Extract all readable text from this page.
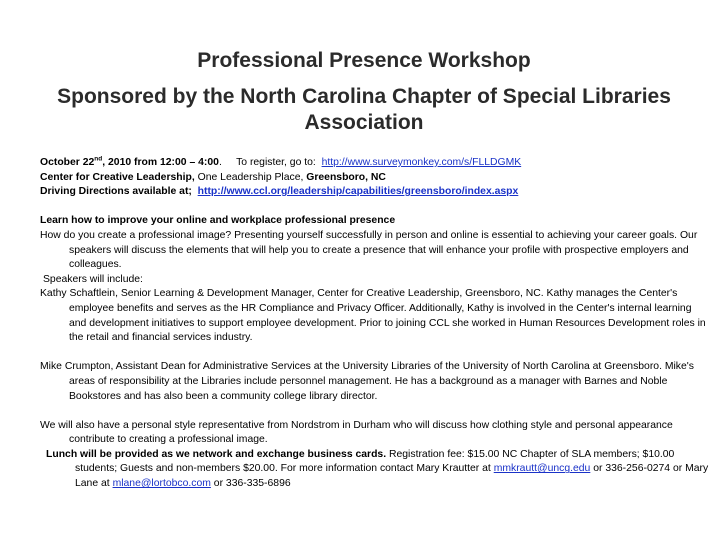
Professional Presence Workshop
Sponsored by the North Carolina Chapter of Special Libraries Association

October 22nd, 2010 from 12:00 – 4:00. To register, go to: http://www.surveymonkey.com/s/FLLDGMK

Center for Creative Leadership, One Leadership Place, Greensboro, NC

Driving Directions available at; http://www.ccl.org/leadership/capabilities/greensboro/index.aspx

Learn how to improve your online and workplace professional presence

How do you create a professional image? Presenting yourself successfully in person and online is essential to achieving your career goals. Our speakers will discuss the elements that will help you to create a presence that will enhance your profile with prospective employers and colleagues.

Speakers will include:

Kathy Schaftlein, Senior Learning & Development Manager, Center for Creative Leadership, Greensboro, NC. Kathy manages the Center's employee benefits and serves as the HR Compliance and Privacy Officer. Additionally, Kathy is involved in the Center's internal learning and development initiatives to support employee development. Prior to joining CCL she worked in Human Resources Development roles in the retail and financial services industry.

Mike Crumpton, Assistant Dean for Administrative Services at the University Libraries of the University of North Carolina at Greensboro. Mike's areas of responsibility at the Libraries include personnel management. He has a background as a manager with Barnes and Noble Bookstores and has also been a community college library director.

We will also have a personal style representative from Nordstrom in Durham who will discuss how clothing style and personal appearance contribute to creating a professional image.

Lunch will be provided as we network and exchange business cards. Registration fee: $15.00 NC Chapter of SLA members; $10.00 students; Guests and non-members $20.00. For more information contact Mary Krautter at mmkrautt@uncg.edu or 336-256-0274 or Mary Lane at mlane@lortobco.com or 336-335-6896
